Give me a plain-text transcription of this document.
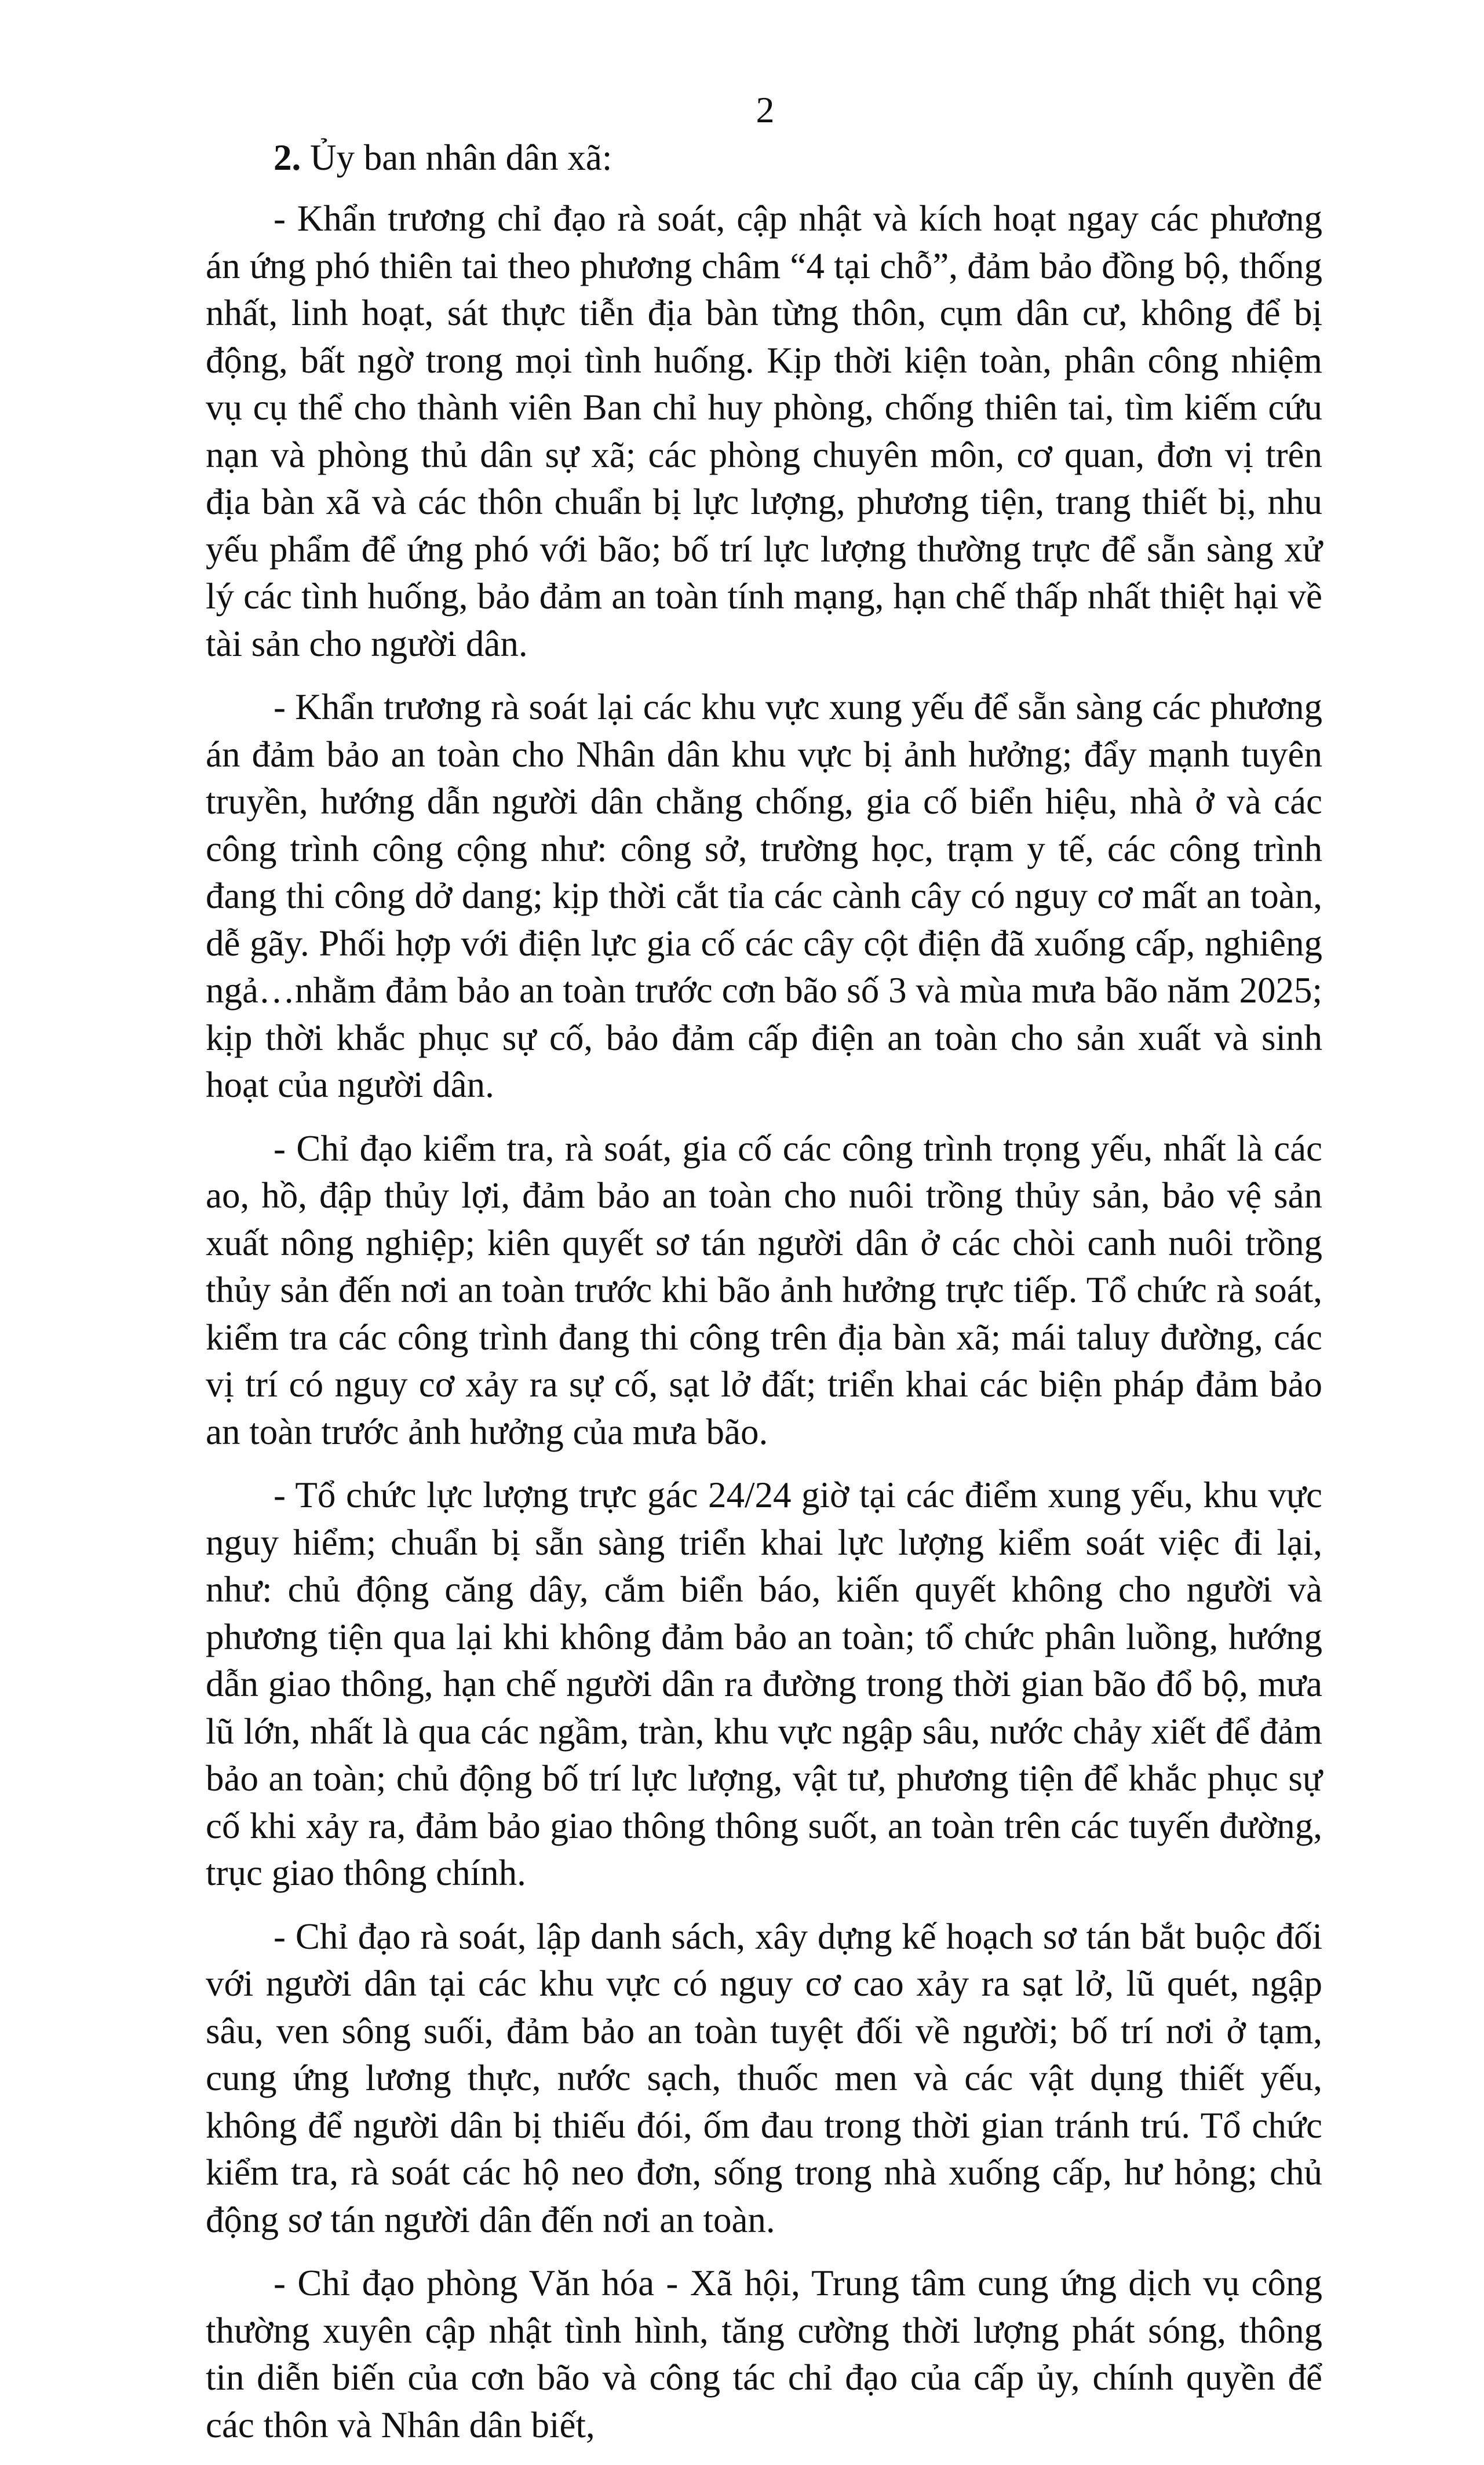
2

2. Ủy ban nhân dân xã:

- Khẩn trương chỉ đạo rà soát, cập nhật và kích hoạt ngay các phương án ứng phó thiên tai theo phương châm “4 tại chỗ”, đảm bảo đồng bộ, thống nhất, linh hoạt, sát thực tiễn địa bàn từng thôn, cụm dân cư, không để bị động, bất ngờ trong mọi tình huống. Kịp thời kiện toàn, phân công nhiệm vụ cụ thể cho thành viên Ban chỉ huy phòng, chống thiên tai, tìm kiếm cứu nạn và phòng thủ dân sự xã; các phòng chuyên môn, cơ quan, đơn vị trên địa bàn xã và các thôn chuẩn bị lực lượng, phương tiện, trang thiết bị, nhu yếu phẩm để ứng phó với bão; bố trí lực lượng thường trực để sẵn sàng xử lý các tình huống, bảo đảm an toàn tính mạng, hạn chế thấp nhất thiệt hại về tài sản cho người dân.

- Khẩn trương rà soát lại các khu vực xung yếu để sẵn sàng các phương án đảm bảo an toàn cho Nhân dân khu vực bị ảnh hưởng; đẩy mạnh tuyên truyền, hướng dẫn người dân chằng chống, gia cố biển hiệu, nhà ở và các công trình công cộng như: công sở, trường học, trạm y tế, các công trình đang thi công dở dang; kịp thời cắt tỉa các cành cây có nguy cơ mất an toàn, dễ gãy. Phối hợp với điện lực gia cố các cây cột điện đã xuống cấp, nghiêng ngả…nhằm đảm bảo an toàn trước cơn bão số 3 và mùa mưa bão năm 2025; kịp thời khắc phục sự cố, bảo đảm cấp điện an toàn cho sản xuất và sinh hoạt của người dân.

- Chỉ đạo kiểm tra, rà soát, gia cố các công trình trọng yếu, nhất là các ao, hồ, đập thủy lợi, đảm bảo an toàn cho nuôi trồng thủy sản, bảo vệ sản xuất nông nghiệp; kiên quyết sơ tán người dân ở các chòi canh nuôi trồng thủy sản đến nơi an toàn trước khi bão ảnh hưởng trực tiếp. Tổ chức rà soát, kiểm tra các công trình đang thi công trên địa bàn xã; mái taluy đường, các vị trí có nguy cơ xảy ra sự cố, sạt lở đất; triển khai các biện pháp đảm bảo an toàn trước ảnh hưởng của mưa bão.

- Tổ chức lực lượng trực gác 24/24 giờ tại các điểm xung yếu, khu vực nguy hiểm; chuẩn bị sẵn sàng triển khai lực lượng kiểm soát việc đi lại, như: chủ động căng dây, cắm biển báo, kiến quyết không cho người và phương tiện qua lại khi không đảm bảo an toàn; tổ chức phân luồng, hướng dẫn giao thông, hạn chế người dân ra đường trong thời gian bão đổ bộ, mưa lũ lớn, nhất là qua các ngầm, tràn, khu vực ngập sâu, nước chảy xiết để đảm bảo an toàn; chủ động bố trí lực lượng, vật tư, phương tiện để khắc phục sự cố khi xảy ra, đảm bảo giao thông thông suốt, an toàn trên các tuyến đường, trục giao thông chính.

- Chỉ đạo rà soát, lập danh sách, xây dựng kế hoạch sơ tán bắt buộc đối với người dân tại các khu vực có nguy cơ cao xảy ra sạt lở, lũ quét, ngập sâu, ven sông suối, đảm bảo an toàn tuyệt đối về người; bố trí nơi ở tạm, cung ứng lương thực, nước sạch, thuốc men và các vật dụng thiết yếu, không để người dân bị thiếu đói, ốm đau trong thời gian tránh trú. Tổ chức kiểm tra, rà soát các hộ neo đơn, sống trong nhà xuống cấp, hư hỏng; chủ động sơ tán người dân đến nơi an toàn.

- Chỉ đạo phòng Văn hóa - Xã hội, Trung tâm cung ứng dịch vụ công thường xuyên cập nhật tình hình, tăng cường thời lượng phát sóng, thông tin diễn biến của cơn bão và công tác chỉ đạo của cấp ủy, chính quyền để các thôn và Nhân dân biết,
